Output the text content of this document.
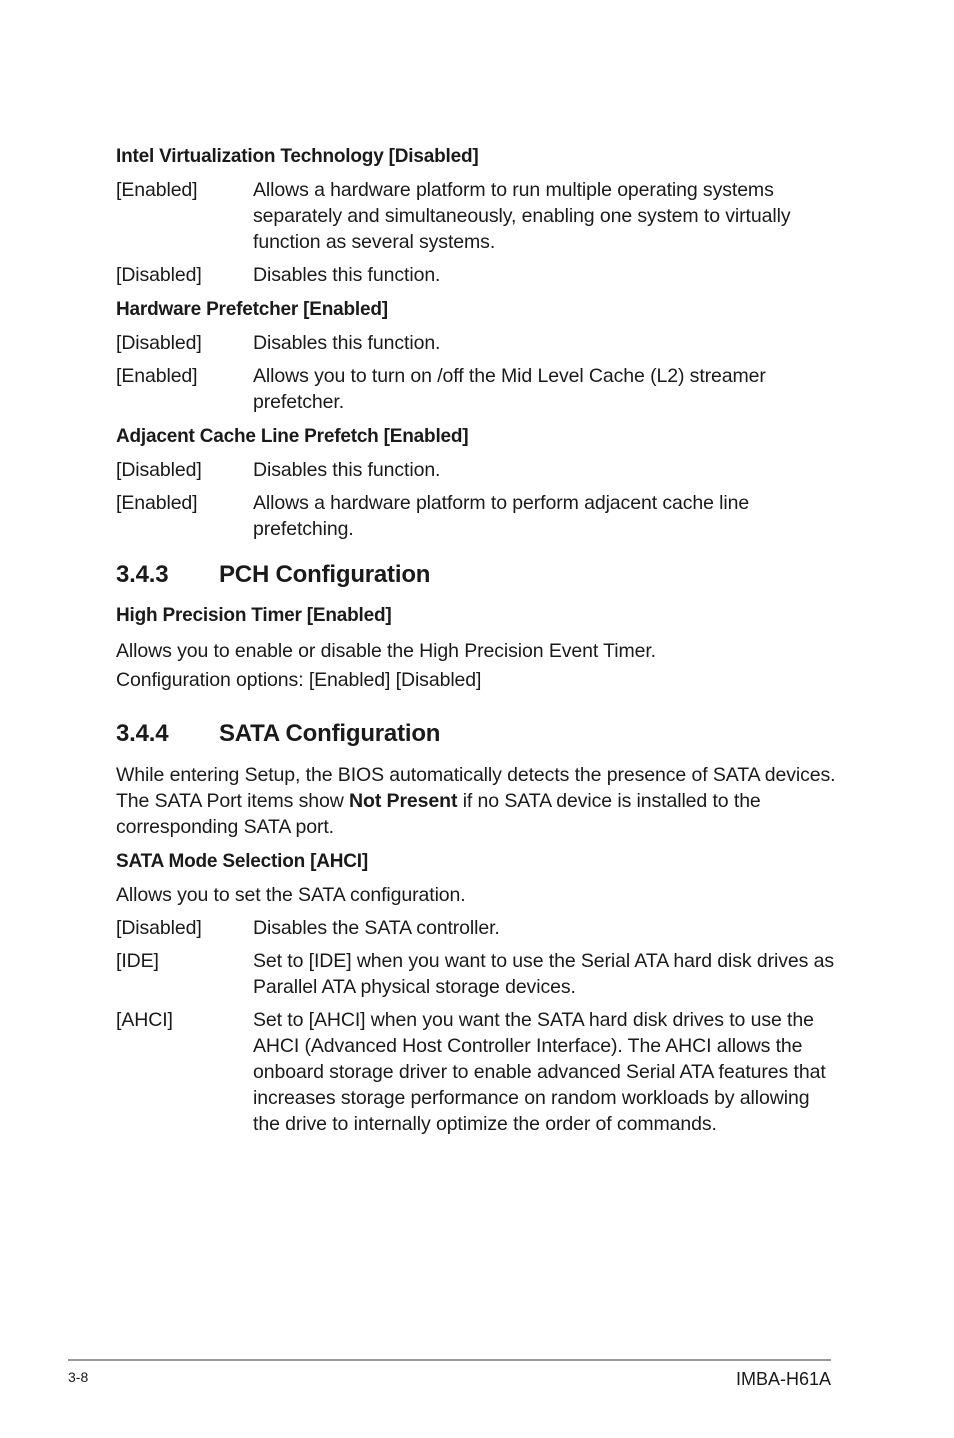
Intel Virtualization Technology [Disabled]
[Enabled]	Allows a hardware platform to run multiple operating systems separately and simultaneously, enabling one system to virtually function as several systems.
[Disabled]	Disables this function.
Hardware Prefetcher [Enabled]
[Disabled]	Disables this function.
[Enabled]	Allows you to turn on /off the Mid Level Cache (L2) streamer prefetcher.
Adjacent Cache Line Prefetch [Enabled]
[Disabled]	Disables this function.
[Enabled]	Allows a hardware platform to perform adjacent cache line prefetching.
3.4.3	PCH Configuration
High Precision Timer [Enabled]

Allows you to enable or disable the High Precision Event Timer.

Configuration options: [Enabled] [Disabled]

3.4.4	SATA Configuration

While entering Setup, the BIOS automatically detects the presence of SATA devices. The SATA Port items show Not Present if no SATA device is installed to the corresponding SATA port.

SATA Mode Selection [AHCI]

Allows you to set the SATA configuration.

[Disabled]	Disables the SATA controller.
[IDE]	Set to [IDE] when you want to use the Serial ATA hard disk drives as Parallel ATA physical storage devices.
[AHCI]	Set to [AHCI] when you want the SATA hard disk drives to use the AHCI (Advanced Host Controller Interface). The AHCI allows the onboard storage driver to enable advanced Serial ATA features that increases storage performance on random workloads by allowing the drive to internally optimize the order of commands.
3-8	IMBA-H61A
